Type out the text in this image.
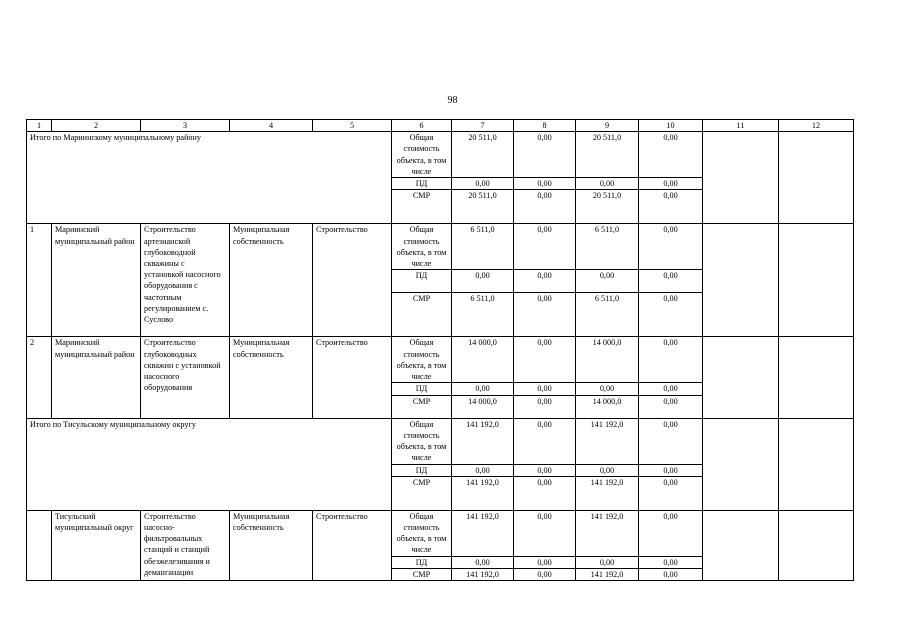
98
1	2	3	4	5	6	7	8	9	10	11	12
Итого по Мариинскому муниципальному району					Общая стоимость объекта, в том числе	20 511,0	0,00	20 511,0	0,00		
					ПД	0,00	0,00	0,00	0,00		
					СМР	20 511,0	0,00	20 511,0	0,00		
1	Мариинский муниципальный район	Строительство артезианской глубоководной скважины с установкой насосного оборудования с частотным регулированием с. Суслово	Муниципальная собственность	Строительство	Общая стоимость объекта, в том числе	6 511,0	0,00	6 511,0	0,00		
					ПД	0,00	0,00	0,00	0,00		
					СМР	6 511,0	0,00	6 511,0	0,00		
2	Мариинский муниципальный район	Строительство глубоководных скважин с установкой насосного оборудования	Муниципальная собственность	Строительство	Общая стоимость объекта, в том числе	14 000,0	0,00	14 000,0	0,00		
					ПД	0,00	0,00	0,00	0,00		
					СМР	14 000,0	0,00	14 000,0	0,00		
Итого по Тисульскому муниципальному округу					Общая стоимость объекта, в том числе	141 192,0	0,00	141 192,0	0,00		
					ПД	0,00	0,00	0,00	0,00		
					СМР	141 192,0	0,00	141 192,0	0,00		
	Тисульский муниципальный округ	Строительство насосно-фильтровальных станций и станций обезжелезивания и деманганации	Муниципальная собственность	Строительство	Общая стоимость объекта, в том числе	141 192,0	0,00	141 192,0	0,00		
					ПД	0,00	0,00	0,00	0,00		
					СМР	141 192,0	0,00	141 192,0	0,00		
